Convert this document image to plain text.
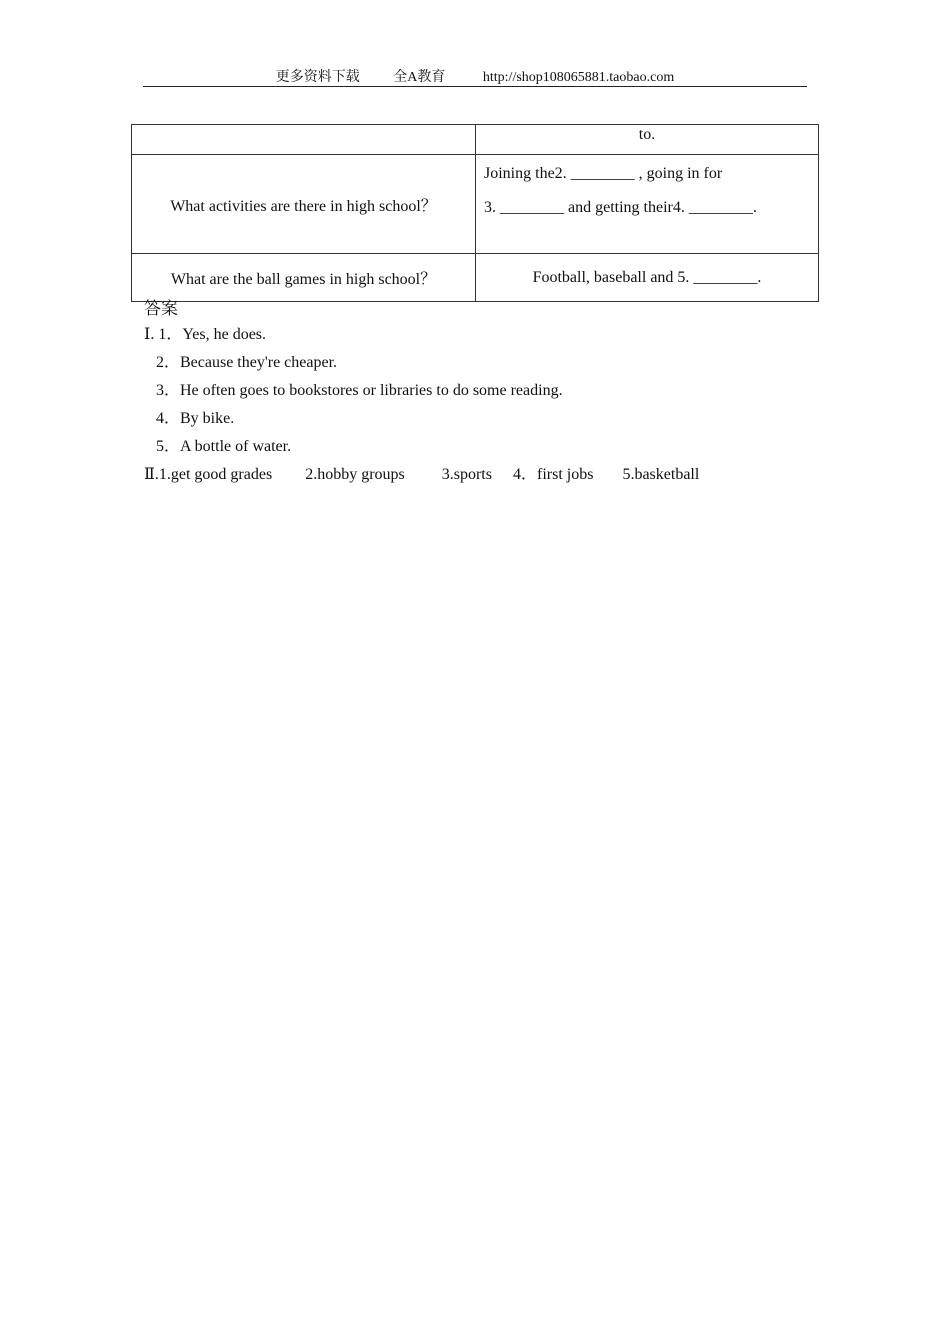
更多资料下载 全A教育	http://shop108065881.taobao.com

	to.

What activities are there in high school？	Joining the2. ________ , going in for
3. ________ and getting their4. ________.

What are the ball games in high school？	Football, baseball and 5. ________.
答案
Ⅰ. 1．Yes, he does.
2．Because they're cheaper.
3．He often goes to bookstores or libraries to do some reading.
4．By bike.
5．A bottle of water.
Ⅱ.1.get good grades 2.hobby groups 3.sports 4．first jobs 5.basketball
